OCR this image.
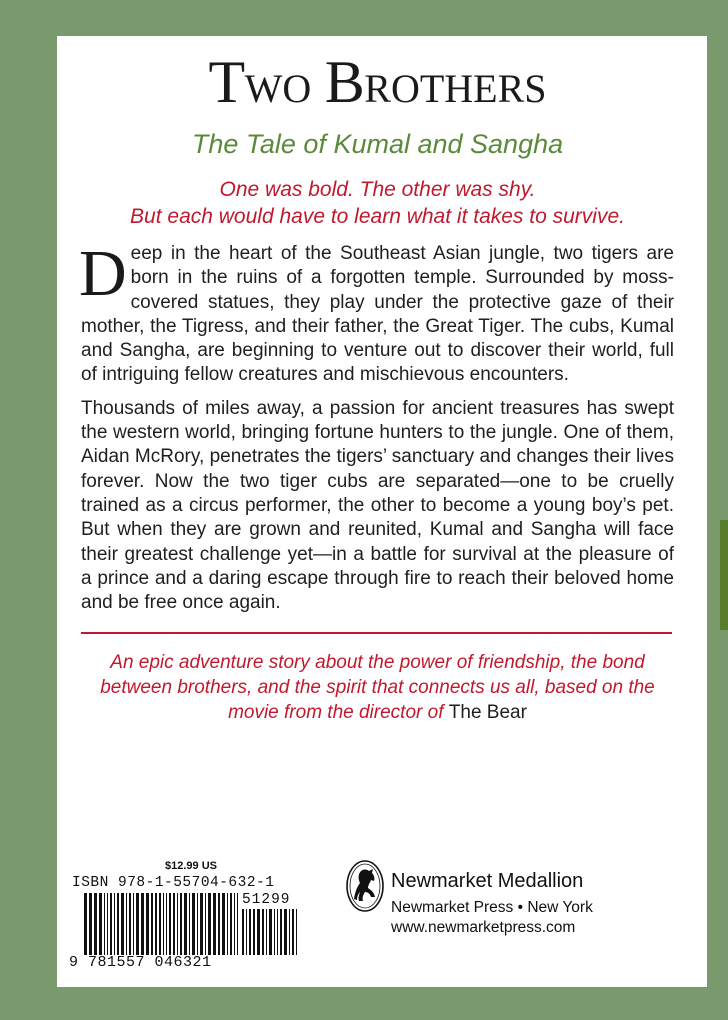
TWO BROTHERS
The Tale of Kumal and Sangha
One was bold. The other was shy.
But each would have to learn what it takes to survive.

Deep in the heart of the Southeast Asian jungle, two tigers are born in the ruins of a forgotten temple. Surrounded by moss-covered statues, they play under the protective gaze of their mother, the Tigress, and their father, the Great Tiger. The cubs, Kumal and Sangha, are beginning to venture out to discover their world, full of intriguing fellow creatures and mischievous encounters.

Thousands of miles away, a passion for ancient treasures has swept the western world, bringing fortune hunters to the jungle. One of them, Aidan McRory, penetrates the tigers’ sanctuary and changes their lives forever. Now the two tiger cubs are separated—one to be cruelly trained as a circus performer, the other to become a young boy’s pet. But when they are grown and reunited, Kumal and Sangha will face their greatest challenge yet—in a battle for survival at the pleasure of a prince and a daring escape through fire to reach their beloved home and be free once again.

An epic adventure story about the power of friendship, the bond between brothers, and the spirit that connects us all, based on the movie from the director of The Bear
$12.99 US
ISBN 978-1-55704-632-1
51299
9 781557 046321
Newmarket Medallion
Newmarket Press • New York
www.newmarketpress.com
